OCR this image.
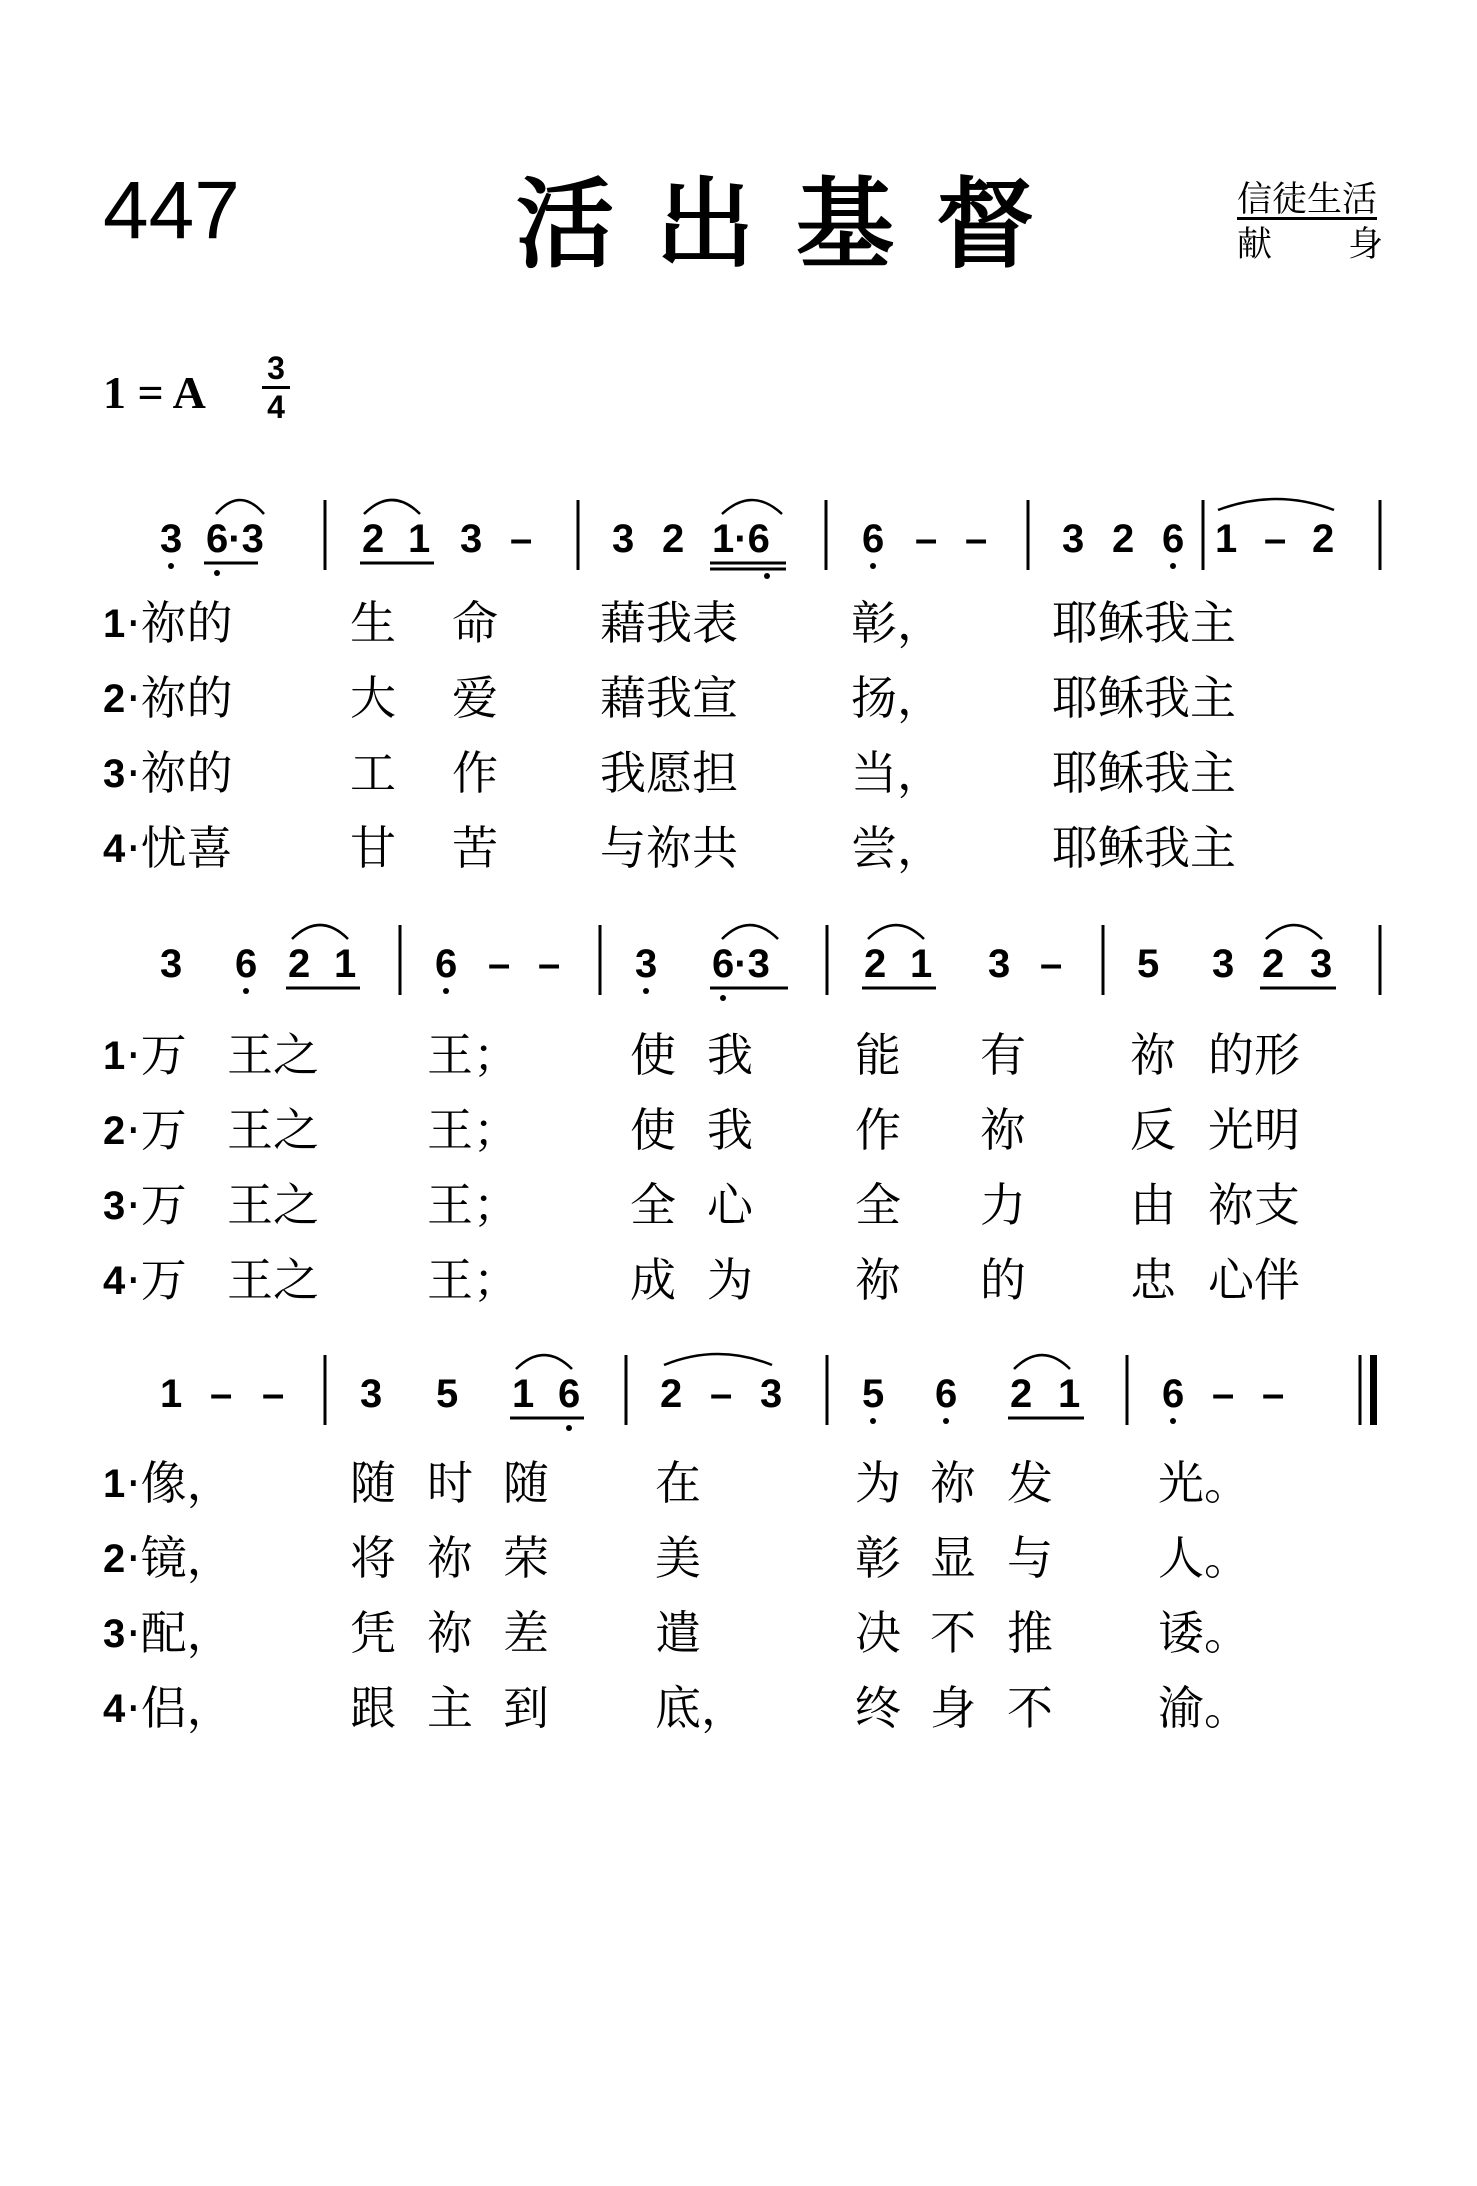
447	活出基督	信徒生活
献 身
1 = A 3
4
3 6·3 2 1 3 – 3 2 1·6 6 – – 3 2 6 1 – 2
1 ·祢的	生 命 藉我表 彰， 耶稣我主
2 ·祢的	大 爱 藉我宣 扬， 耶稣我主
3 ·祢的	工 作 我愿担 当， 耶稣我主
4 ·忧喜	甘 苦 与祢共 尝， 耶稣我主
3 6 2 1 6 – – 3 6·3 2 1 3 – 5 3 2 3
1 ·万 王之 王； 使 我 能 有 祢 的形
2 ·万 王之 王； 使 我 作 祢 反 光明
3 ·万 王之 王； 全 心 全 力 由 祢支
4 ·万 王之 王； 成 为 祢 的 忠 心伴
1 – – 3 5 1 6 2 – 3 5 6 2 1 6 – –
1 ·像，	随 时 随 在	为 祢 发 光。
2 ·镜，	将 祢 荣 美	彰 显 与 人。
3 ·配，	凭 祢 差 遣	决 不 推 诿。
4 ·侣，	跟 主 到 底， 终 身 不 渝。
